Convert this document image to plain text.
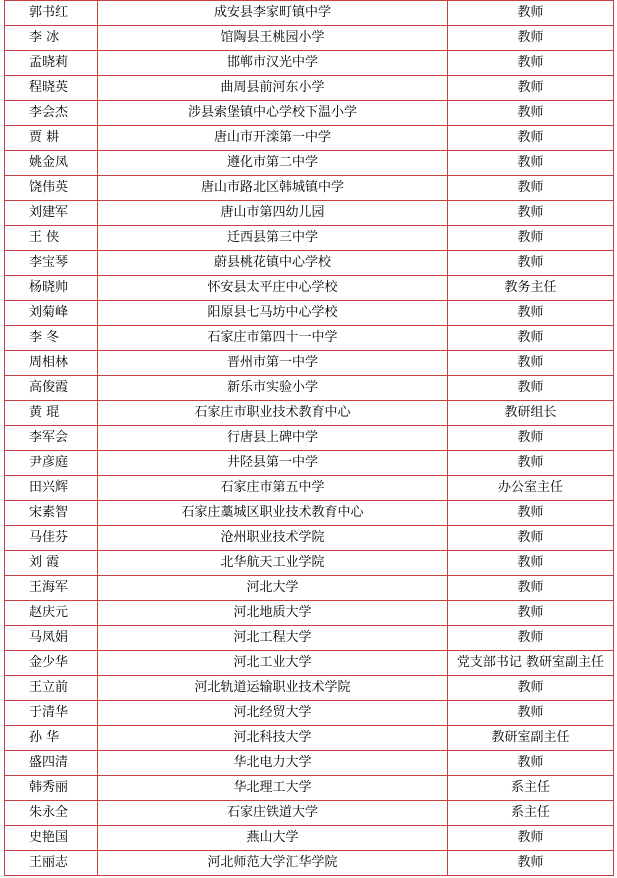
郭书红	成安县李家町镇中学	教师
李 冰	馆陶县王桃园小学	教师
孟晓莉	邯郸市汉光中学	教师
程晓英	曲周县前河东小学	教师
李会杰	涉县索堡镇中心学校下温小学	教师
贾 耕	唐山市开滦第一中学	教师
姚金凤	遵化市第二中学	教师
饶伟英	唐山市路北区韩城镇中学	教师
刘建军	唐山市第四幼儿园	教师
王 侠	迁西县第三中学	教师
李宝琴	蔚县桃花镇中心学校	教师
杨晓帅	怀安县太平庄中心学校	教务主任
刘菊峰	阳原县七马坊中心学校	教师
李 冬	石家庄市第四十一中学	教师
周相林	晋州市第一中学	教师
高俊霞	新乐市实验小学	教师
黄 琨	石家庄市职业技术教育中心	教研组长
李军会	行唐县上碑中学	教师
尹彦庭	井陉县第一中学	教师
田兴辉	石家庄市第五中学	办公室主任
宋素智	石家庄藁城区职业技术教育中心	教师
马佳芬	沧州职业技术学院	教师
刘 霞	北华航天工业学院	教师
王海军	河北大学	教师
赵庆元	河北地质大学	教师
马凤娟	河北工程大学	教师
金少华	河北工业大学	党支部书记 教研室副主任
王立前	河北轨道运输职业技术学院	教师
于清华	河北经贸大学	教师
孙 华	河北科技大学	教研室副主任
盛四清	华北电力大学	教师
韩秀丽	华北理工大学	系主任
朱永全	石家庄铁道大学	系主任
史艳国	燕山大学	教师
王丽志	河北师范大学汇华学院	教师
